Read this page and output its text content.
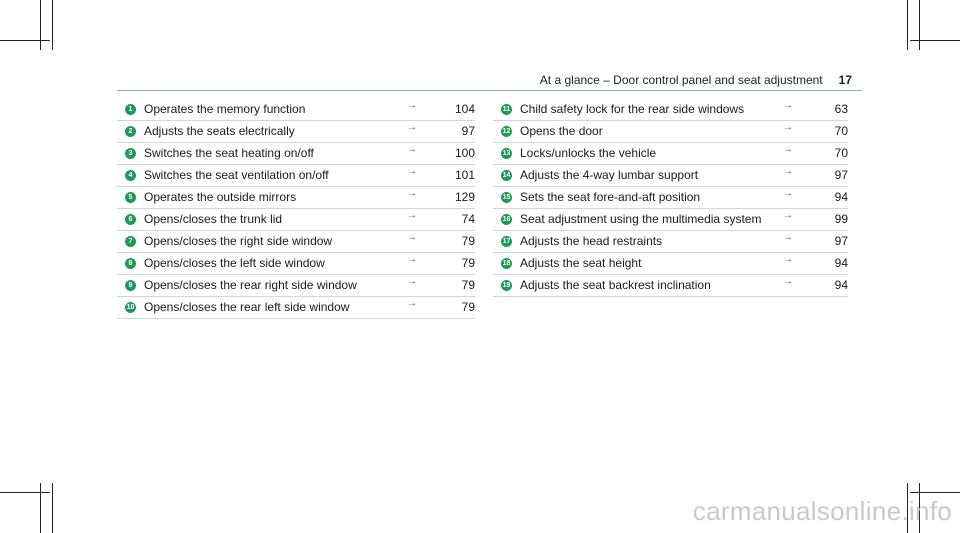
At a glance – Door control panel and seat adjustment 17
1 Operates the memory function	→	104
2 Adjusts the seats electrically	→	97
3 Switches the seat heating on/off	→	100
4 Switches the seat ventilation on/off	→	101
5 Operates the outside mirrors	→	129
6 Opens/closes the trunk lid	→	74
7 Opens/closes the right side window	→	79
8 Opens/closes the left side window	→	79
9 Opens/closes the rear right side window	→	79
10 Opens/closes the rear left side window	→	79
11 Child safety lock for the rear side windows	→	63
12 Opens the door	→	70
13 Locks/unlocks the vehicle	→	70
14 Adjusts the 4-way lumbar support	→	97
15 Sets the seat fore-and-aft position	→	94
16 Seat adjustment using the multimedia system →	99
17 Adjusts the head restraints	→	97
18 Adjusts the seat height	→	94
19 Adjusts the seat backrest inclination	→	94
carmanualsonline.info
